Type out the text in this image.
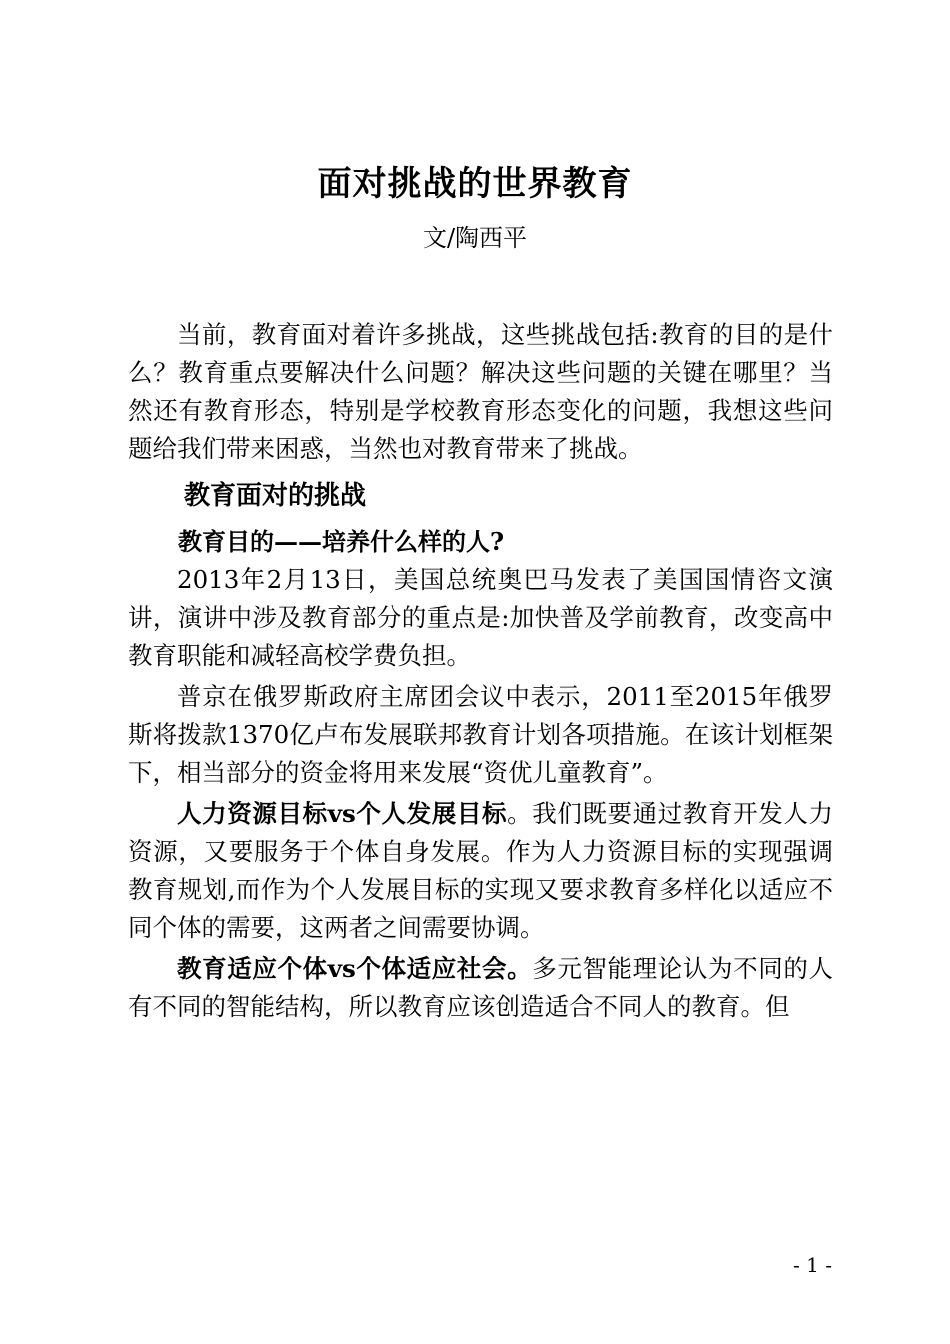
面对挑战的世界教育
文/陶西平

当前，教育面对着许多挑战，这些挑战包括:教育的目的是什么？教育重点要解决什么问题？解决这些问题的关键在哪里？当然还有教育形态，特别是学校教育形态变化的问题，我想这些问题给我们带来困惑，当然也对教育带来了挑战。

教育面对的挑战
教育目的——培养什么样的人?

2013年2月13日，美国总统奥巴马发表了美国国情咨文演讲，演讲中涉及教育部分的重点是:加快普及学前教育，改变高中教育职能和减轻高校学费负担。

普京在俄罗斯政府主席团会议中表示，2011至2015年俄罗斯将拨款1370亿卢布发展联邦教育计划各项措施。在该计划框架下，相当部分的资金将用来发展“资优儿童教育”。

人力资源目标vs个人发展目标。我们既要通过教育开发人力资源，又要服务于个体自身发展。作为人力资源目标的实现强调教育规划,而作为个人发展目标的实现又要求教育多样化以适应不同个体的需要，这两者之间需要协调。

教育适应个体vs个体适应社会。多元智能理论认为不同的人有不同的智能结构，所以教育应该创造适合不同人的教育。但

- 1 -
